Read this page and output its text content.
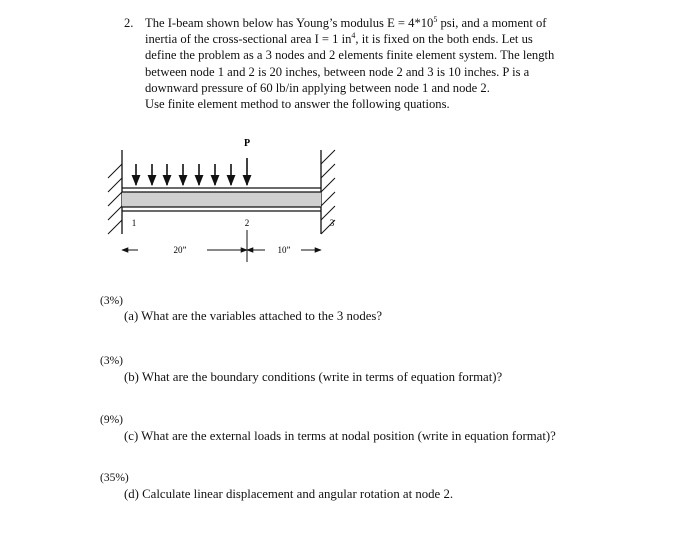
2. The I-beam shown below has Young’s modulus $E = 4*10^5$ psi, and a moment of
inertia of the cross-sectional area I = 1 $in^4$, it is fixed on the both ends. Let us
define the problem as a 3 nodes and 2 elements finite element system. The length
between node 1 and 2 is 20 inches, between node 2 and 3 is 10 inches. P is a
downward pressure of 60 lb/in applying between node 1 and node 2.
Use finite element method to answer the following quations.
P
1	2	3
20”	10”
(3%)
(a) What are the variables attached to the 3 nodes?
(3%)
(b) What are the boundary conditions (write in terms of equation format)?
(9%)
(c) What are the external loads in terms at nodal position (write in equation format)?
(35%)
(d) Calculate linear displacement and angular rotation at node 2.
